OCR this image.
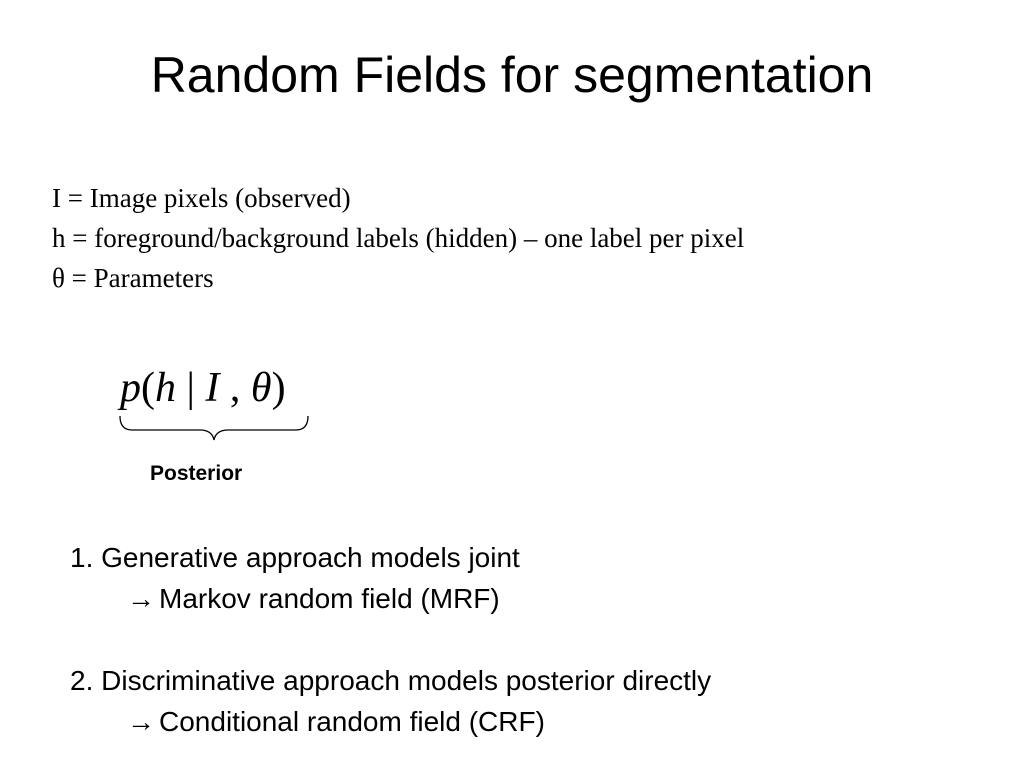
Random Fields for segmentation
I = Image pixels (observed)
h = foreground/background labels (hidden) – one label per pixel
θ = Parameters
p(h | I , θ)
Posterior
1. Generative approach models joint
→ Markov random field (MRF)
2. Discriminative approach models posterior directly
→ Conditional random field (CRF)
